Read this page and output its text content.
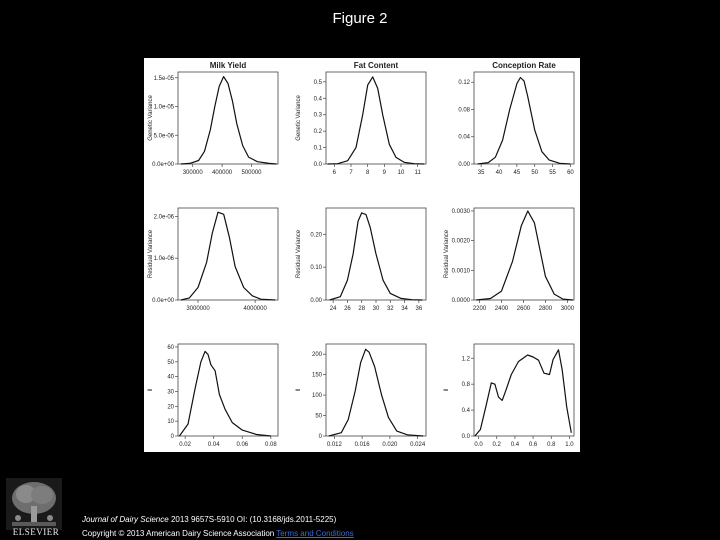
Figure 2
Milk Yield
Genetic Variance
300000 400000 500000
0.0e+00
5.0e-06
1.0e-05
1.5e-05
Fat Content
Genetic Variance
6 7 8 9 10 11
0.0
0.1
0.2
0.3
0.4
0.5
Conception Rate
35 40 45 50 55 60
0.00
0.04
0.08
0.12
Residual Variance
3000000	4000000
0.0e+00
1.0e-06
2.0e-06
Residual Variance
24 26 28 30 32 34 36
0.00
0.10
0.20	Residual Variance
2200 2400 2600 2800 3000
0.0000
0.0010
0.0020
0.0030
ll
0.02	0.04	0.06	0.08
0
10
20
30
40
50
60
ll
0.012 0.016 0.020 0.024
0
50
100
150
200
ll
0.0 0.2 0.4 0.6 0.8 1.0
0.0
0.4
0.8
1.2
ELSEVIER
Journal of Dairy Science 2013 9657S-5910 OI: (10.3168/jds.2011-5225)
Copyright © 2013 American Dairy Science Association Terms and Conditions
